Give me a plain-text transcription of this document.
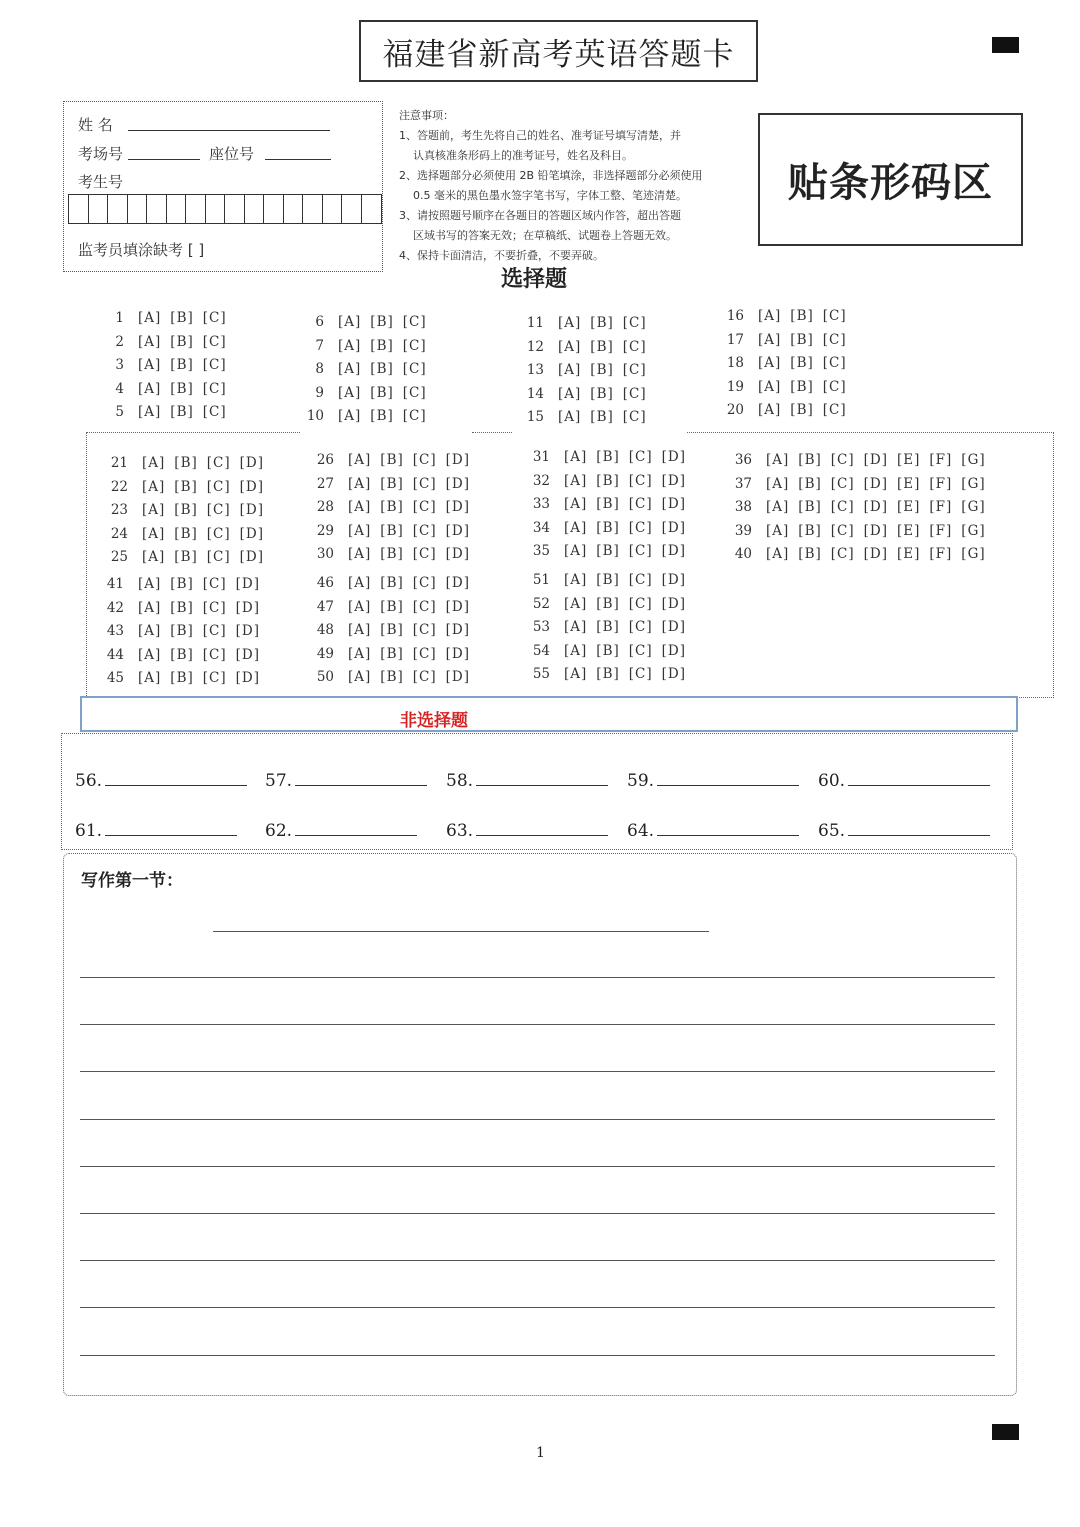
福建省新高考英语答题卡
姓 名
考场号	座位号
考生号
监考员填涂缺考 [ ]
注意事项：
1、答题前，考生先将自己的姓名、准考证号填写清楚，并
认真核准条形码上的准考证号，姓名及科目。
2、选择题部分必须使用 2B 铅笔填涂，非选择题部分必须使用
0.5 毫米的黑色墨水签字笔书写，字体工整、笔迹清楚。
3、请按照题号顺序在各题目的答题区域内作答，超出答题
区域书写的答案无效；在草稿纸、试题卷上答题无效。
4、保持卡面清洁，不要折叠，不要弄破。
贴条形码区
选择题
1 [A] [B] [C]
2 [A] [B] [C]
3 [A] [B] [C]
4 [A] [B] [C]
5 [A] [B] [C]
6 [A] [B] [C]
7 [A] [B] [C]
8 [A] [B] [C]
9 [A] [B] [C]
10 [A] [B] [C]
11 [A] [B] [C]
12 [A] [B] [C]
13 [A] [B] [C]
14 [A] [B] [C]
15 [A] [B] [C]
16 [A] [B] [C]
17 [A] [B] [C]
18 [A] [B] [C]
19 [A] [B] [C]
20 [A] [B] [C]
21 [A] [B] [C] [D]
22 [A] [B] [C] [D]
23 [A] [B] [C] [D]
24 [A] [B] [C] [D]
25 [A] [B] [C] [D]
26 [A] [B] [C] [D]
27 [A] [B] [C] [D]
28 [A] [B] [C] [D]
29 [A] [B] [C] [D]
30 [A] [B] [C] [D]
31 [A] [B] [C] [D]
32 [A] [B] [C] [D]
33 [A] [B] [C] [D]
34 [A] [B] [C] [D]
35 [A] [B] [C] [D]
36 [A] [B] [C] [D] [E] [F] [G]
37 [A] [B] [C] [D] [E] [F] [G]
38 [A] [B] [C] [D] [E] [F] [G]
39 [A] [B] [C] [D] [E] [F] [G]
40 [A] [B] [C] [D] [E] [F] [G]
41 [A] [B] [C] [D]
42 [A] [B] [C] [D]
43 [A] [B] [C] [D]
44 [A] [B] [C] [D]
45 [A] [B] [C] [D]
46 [A] [B] [C] [D]
47 [A] [B] [C] [D]
48 [A] [B] [C] [D]
49 [A] [B] [C] [D]
50 [A] [B] [C] [D]
51 [A] [B] [C] [D]
52 [A] [B] [C] [D]
53 [A] [B] [C] [D]
54 [A] [B] [C] [D]
55 [A] [B] [C] [D]
非选择题
56.	57.	58.	59.	60.
61.	62.	63.	64.	65.
写作第一节：
1
